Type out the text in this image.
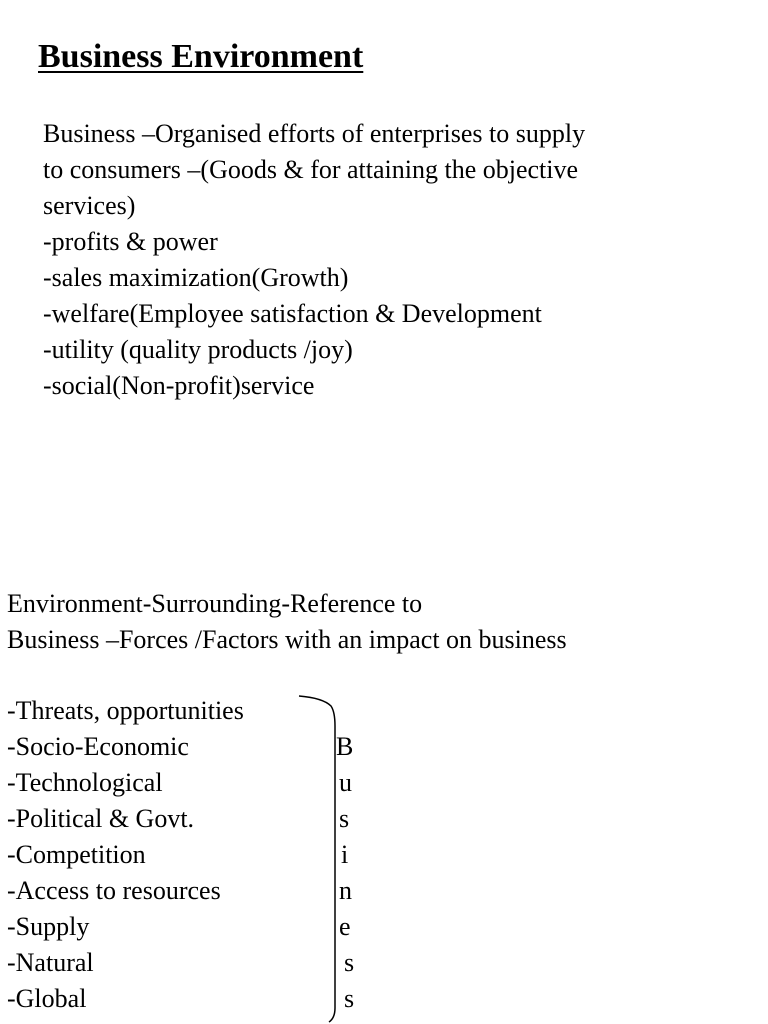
Business Environment
Business –Organised efforts of enterprises to supply
to consumers –(Goods & for attaining the objective
services)
-profits & power
-sales maximization(Growth)
-welfare(Employee satisfaction & Development
-utility (quality products /joy)
-social(Non-profit)service
Environment-Surrounding-Reference to
Business –Forces /Factors with an impact on business
-Threats, opportunities
-Socio-Economic
-Technological
-Political & Govt.
-Competition
-Access to resources
-Supply
-Natural
-Global
B
u
s
i
n
e
s
s
